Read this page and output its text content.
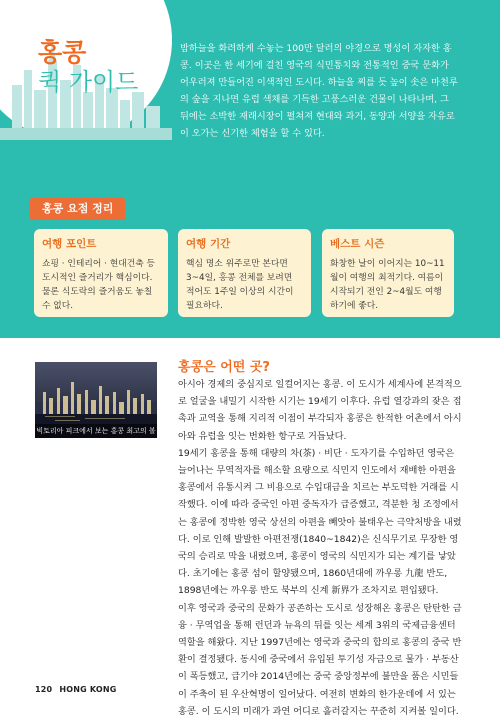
홍콩
퀵 가이드
밤하늘을 화려하게 수놓는 100만 달러의 야경으로 명성이 자자한 홍콩. 이곳은 한 세기에 걸친 영국의 식민통치와 전통적인 중국 문화가 어우러져 만들어진 이색적인 도시다. 하늘을 찌를 듯 높이 솟은 마천루의 숲을 지나면 유럽 색채를 기득한 고풍스러운 건물이 나타나며, 그 뒤에는 소박한 재래시장이 펼쳐져 현대와 과거, 동양과 서양을 자유로이 오가는 신기한 체험을 할 수 있다.
홍콩 요점 정리
여행 포인트
쇼핑 · 인테리어 · 현대건축 등 도시적인 즐거리가 핵심이다. 물론 식도락의 즐거움도 놓칠 수 없다.
여행 기간
핵심 명소 위주로만 본다면 3~4일, 홍콩 전체를 보려면 적어도 1주일 이상의 시간이 필요하다.
베스트 시즌
화창한 날이 이어지는 10~11월이 여행의 최적기다. 여름이 시작되기 전인 2~4월도 여행하기에 좋다.
빅토리아 피크에서 보는 홍콩 최고의 볼거리!
홍콩은 어떤 곳?

아시아 경제의 중심지로 일컬어지는 홍콩. 이 도시가 세계사에 본격적으로 얼굴을 내밀기 시작한 시기는 19세기 이후다. 유럽 열강과의 잦은 접촉과 교역을 통해 지리적 이점이 부각되자 홍콩은 한적한 어촌에서 아시아와 유럽을 잇는 번화한 항구로 거듭났다.

19세기 홍콩을 통해 대량의 차(茶) · 비단 · 도자기를 수입하던 영국은 늘어나는 무역적자를 해소할 요량으로 식민지 인도에서 재배한 아편을 홍콩에서 유통시켜 그 비용으로 수입대금을 치르는 부도덕한 거래를 시작했다. 이에 따라 중국인 아편 중독자가 급증했고, 격분한 청 조정에서는 홍콩에 정박한 영국 상선의 아편을 빼앗아 불태우는 극약처방을 내렸다. 이로 인해 발발한 아편전쟁(1840~1842)은 신식무기로 무장한 영국의 승리로 막을 내렸으며, 홍콩이 영국의 식민지가 되는 계기를 낳았다. 초기에는 홍콩 섬이 할양됐으며, 1860년대에 까우롱 九龍 반도, 1898년에는 까우롱 반도 북부의 신계 新界가 조차지로 편입됐다.

이후 영국과 중국의 문화가 공존하는 도시로 성장해온 홍콩은 탄탄한 금융 · 무역업을 통해 런던과 뉴욕의 뒤를 잇는 세계 3위의 국제금융센터 역할을 해왔다. 지난 1997년에는 영국과 중국의 합의로 홍콩의 중국 반환이 결정됐다. 동시에 중국에서 유입된 투기성 자금으로 물가 · 부동산이 폭등했고, 급기야 2014년에는 중국 중앙정부에 불만을 품은 시민들이 주축이 된 우산혁명이 일어났다. 여전히 변화의 한가운데에 서 있는 홍콩. 이 도시의 미래가 과연 어디로 흘러갈지는 꾸준히 지켜볼 일이다.

120 HONG KONG
